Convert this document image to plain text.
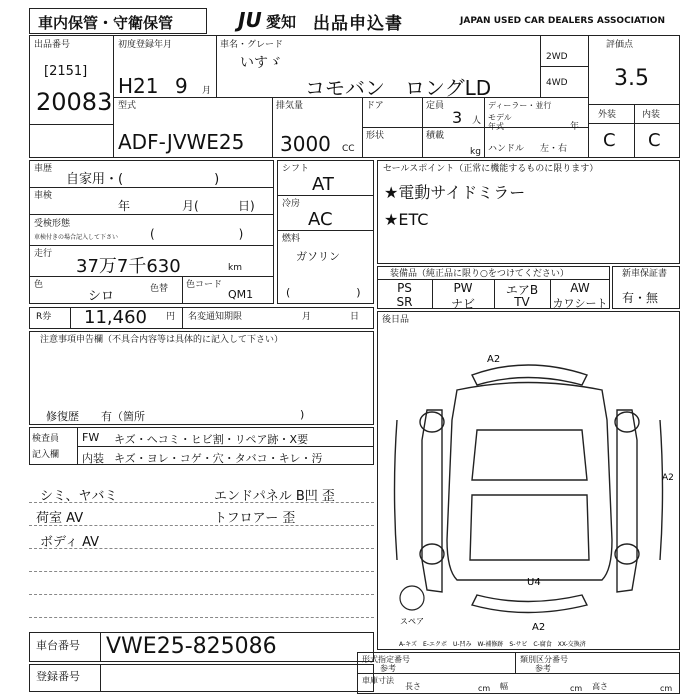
車内保管・守衛保管	JU 愛知 出品申込書	JAPAN USED CAR DEALERS ASSOCIATION
出品番号
[2151]
20083
初度登録年月
H21 9 月
車名・グレード
いすゞ
コモバン　ロングLD
2WD
4WD
評価点
3.5
外装	内装
C C
型式
ADF-JVWE25
排気量
3000 CC
ドア
形状
定員
3 人
積載
kg
ディーラー・並行
モデル
年式	年
ハンドル 左・右
車歴
自家用・(　　　　　　　)
車検
年	月(	日)
受検形態
車検付きの場合記入して下さい	(　　　　　　　)
走行
37万7千630	km
色
シロ	色替 色コード
QM1
シフト
AT
冷房
AC
燃料
ガソリン
(　　　　　　)
セールスポイント（正常に機能するものに限ります）
★電動サイドミラー
★ETC
装備品（純正品に限り○をつけてください）
PS	PW	エアB	AW
SR	ナビ	TV	カワシート
新車保証書
有・無
R券 11,460 円 名変通知期限	月	日	後日品
注意事項申告欄（不具合内容等は具体的に記入して下さい）
修復歴　　有（箇所	)
検査員
記入欄
FW キズ・ヘコミ・ヒビ割・リペア跡・X要
内装 キズ・ヨレ・コゲ・穴・タバコ・キレ・汚
シミ、ヤバミ
荷室 AV
ボディ AV
エンドパネル B凹 歪
トフロアー 歪
車台番号 VWE25-825086
登録番号
形式指定番号
参考
類別区分番号
参考
車庫寸法
長さ	cm 幅	cm 高さ	cm
スペア
A2
A2
A2
U4
A-キズ　E-エクボ　U-凹み　W-補修跡　S-サビ　C-腐食　XX-交換済
